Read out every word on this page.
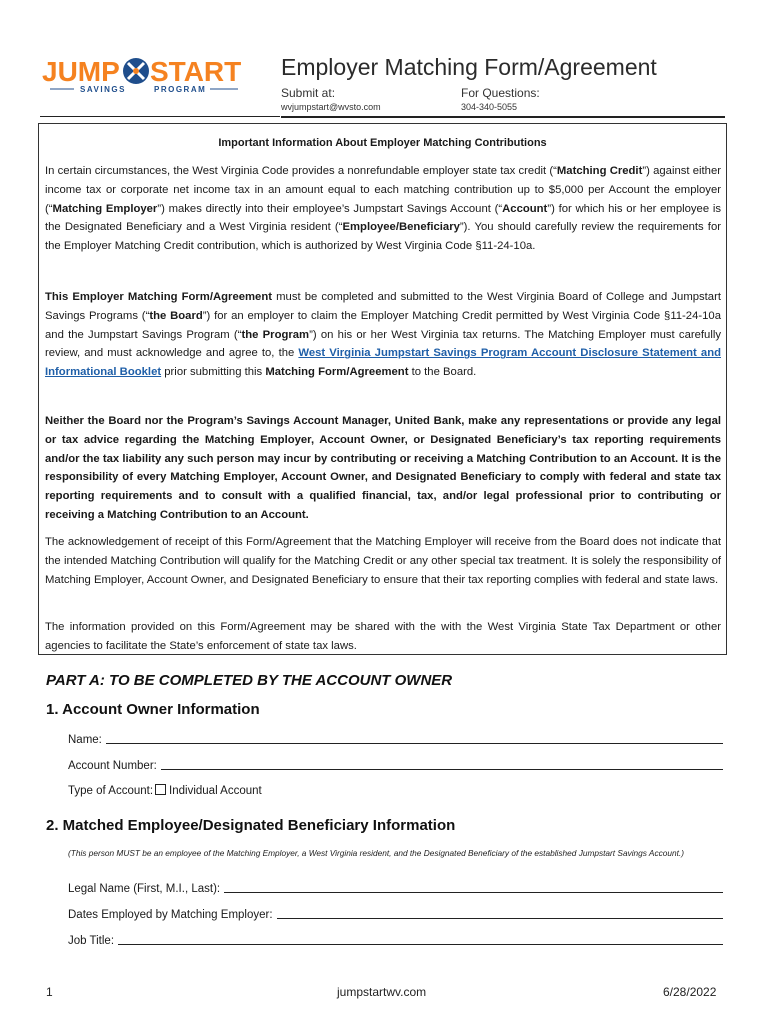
JUMP START
SAVINGS	PROGRAM
Employer Matching Form/Agreement
Submit at:	For Questions:
wvjumpstart@wvsto.com	304-340-5055
Important Information About Employer Matching Contributions

In certain circumstances, the West Virginia Code provides a nonrefundable employer state tax credit (“Matching Credit”) against either income tax or corporate net income tax in an amount equal to each matching contribution up to $5,000 per Account the employer (“Matching Employer”) makes directly into their employee’s Jumpstart Savings Account (“Account”) for which his or her employee is the Designated Beneficiary and a West Virginia resident (“Employee/Beneficiary”). You should carefully review the requirements for the Employer Matching Credit contribution, which is authorized by West Virginia Code §11-24-10a.

This Employer Matching Form/Agreement must be completed and submitted to the West Virginia Board of College and Jumpstart Savings Programs (“the Board”) for an employer to claim the Employer Matching Credit permitted by West Virginia Code §11-24-10a and the Jumpstart Savings Program (“the Program”) on his or her West Virginia tax returns. The Matching Employer must carefully review, and must acknowledge and agree to, the West Virginia Jumpstart Savings Program Account Disclosure Statement and Informational Booklet prior submitting this Matching Form/Agreement to the Board.

Neither the Board nor the Program’s Savings Account Manager, United Bank, make any representations or provide any legal or tax advice regarding the Matching Employer, Account Owner, or Designated Beneficiary’s tax reporting requirements and/or the tax liability any such person may incur by contributing or receiving a Matching Contribution to an Account. It is the responsibility of every Matching Employer, Account Owner, and Designated Beneficiary to comply with federal and state tax reporting requirements and to consult with a qualified financial, tax, and/or legal professional prior to contributing or receiving a Matching Contribution to an Account.

The acknowledgement of receipt of this Form/Agreement that the Matching Employer will receive from the Board does not indicate that the intended Matching Contribution will qualify for the Matching Credit or any other special tax treatment. It is solely the responsibility of Matching Employer, Account Owner, and Designated Beneficiary to ensure that their tax reporting complies with federal and state laws.

The information provided on this Form/Agreement may be shared with the with the West Virginia State Tax Department or other agencies to facilitate the State’s enforcement of state tax laws.

PART A: TO BE COMPLETED BY THE ACCOUNT OWNER
1. Account Owner Information
Name:
Account Number:
Type of Account: Individual Account
2. Matched Employee/Designated Beneficiary Information
(This person MUST be an employee of the Matching Employer, a West Virginia resident, and the Designated Beneficiary of the established Jumpstart Savings Account.)
Legal Name (First, M.I., Last):
Dates Employed by Matching Employer:
Job Title:
1	jumpstartwv.com	6/28/2022
